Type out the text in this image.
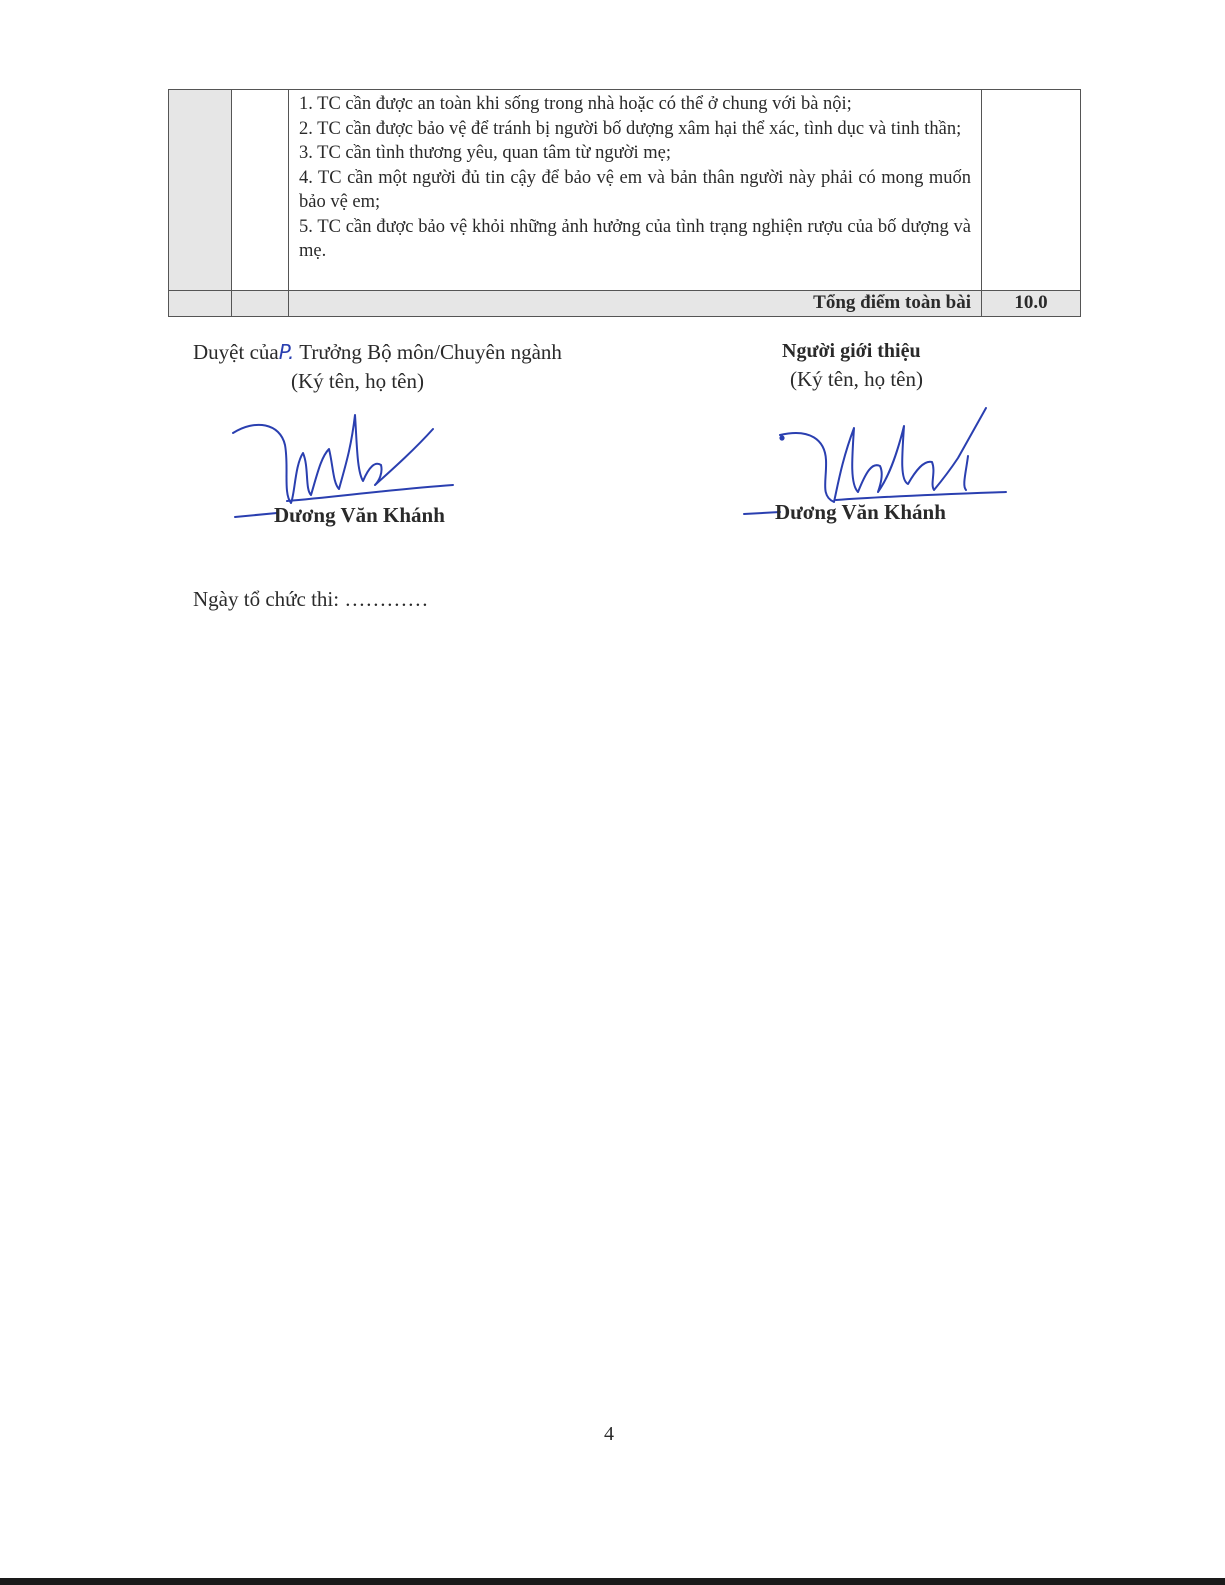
		1. TC cần được an toàn khi sống trong nhà hoặc có thể ở chung với bà nội;

2. TC cần được bảo vệ để tránh bị người bố dượng xâm hại thể xác, tình dục và tinh thần;

3. TC cần tình thương yêu, quan tâm từ người mẹ;

4. TC cần một người đủ tin cậy để bảo vệ em và bản thân người này phải có mong muốn bảo vệ em;

5. TC cần được bảo vệ khỏi những ảnh hưởng của tình trạng nghiện rượu của bố dượng và mẹ.	

		Tổng điểm toàn bài	10.0
Duyệt củaP. Trưởng Bộ môn/Chuyên ngành
(Ký tên, họ tên)
Dương Văn Khánh
Người giới thiệu
(Ký tên, họ tên)
Dương Văn Khánh
Ngày tổ chức thi: …………
4
